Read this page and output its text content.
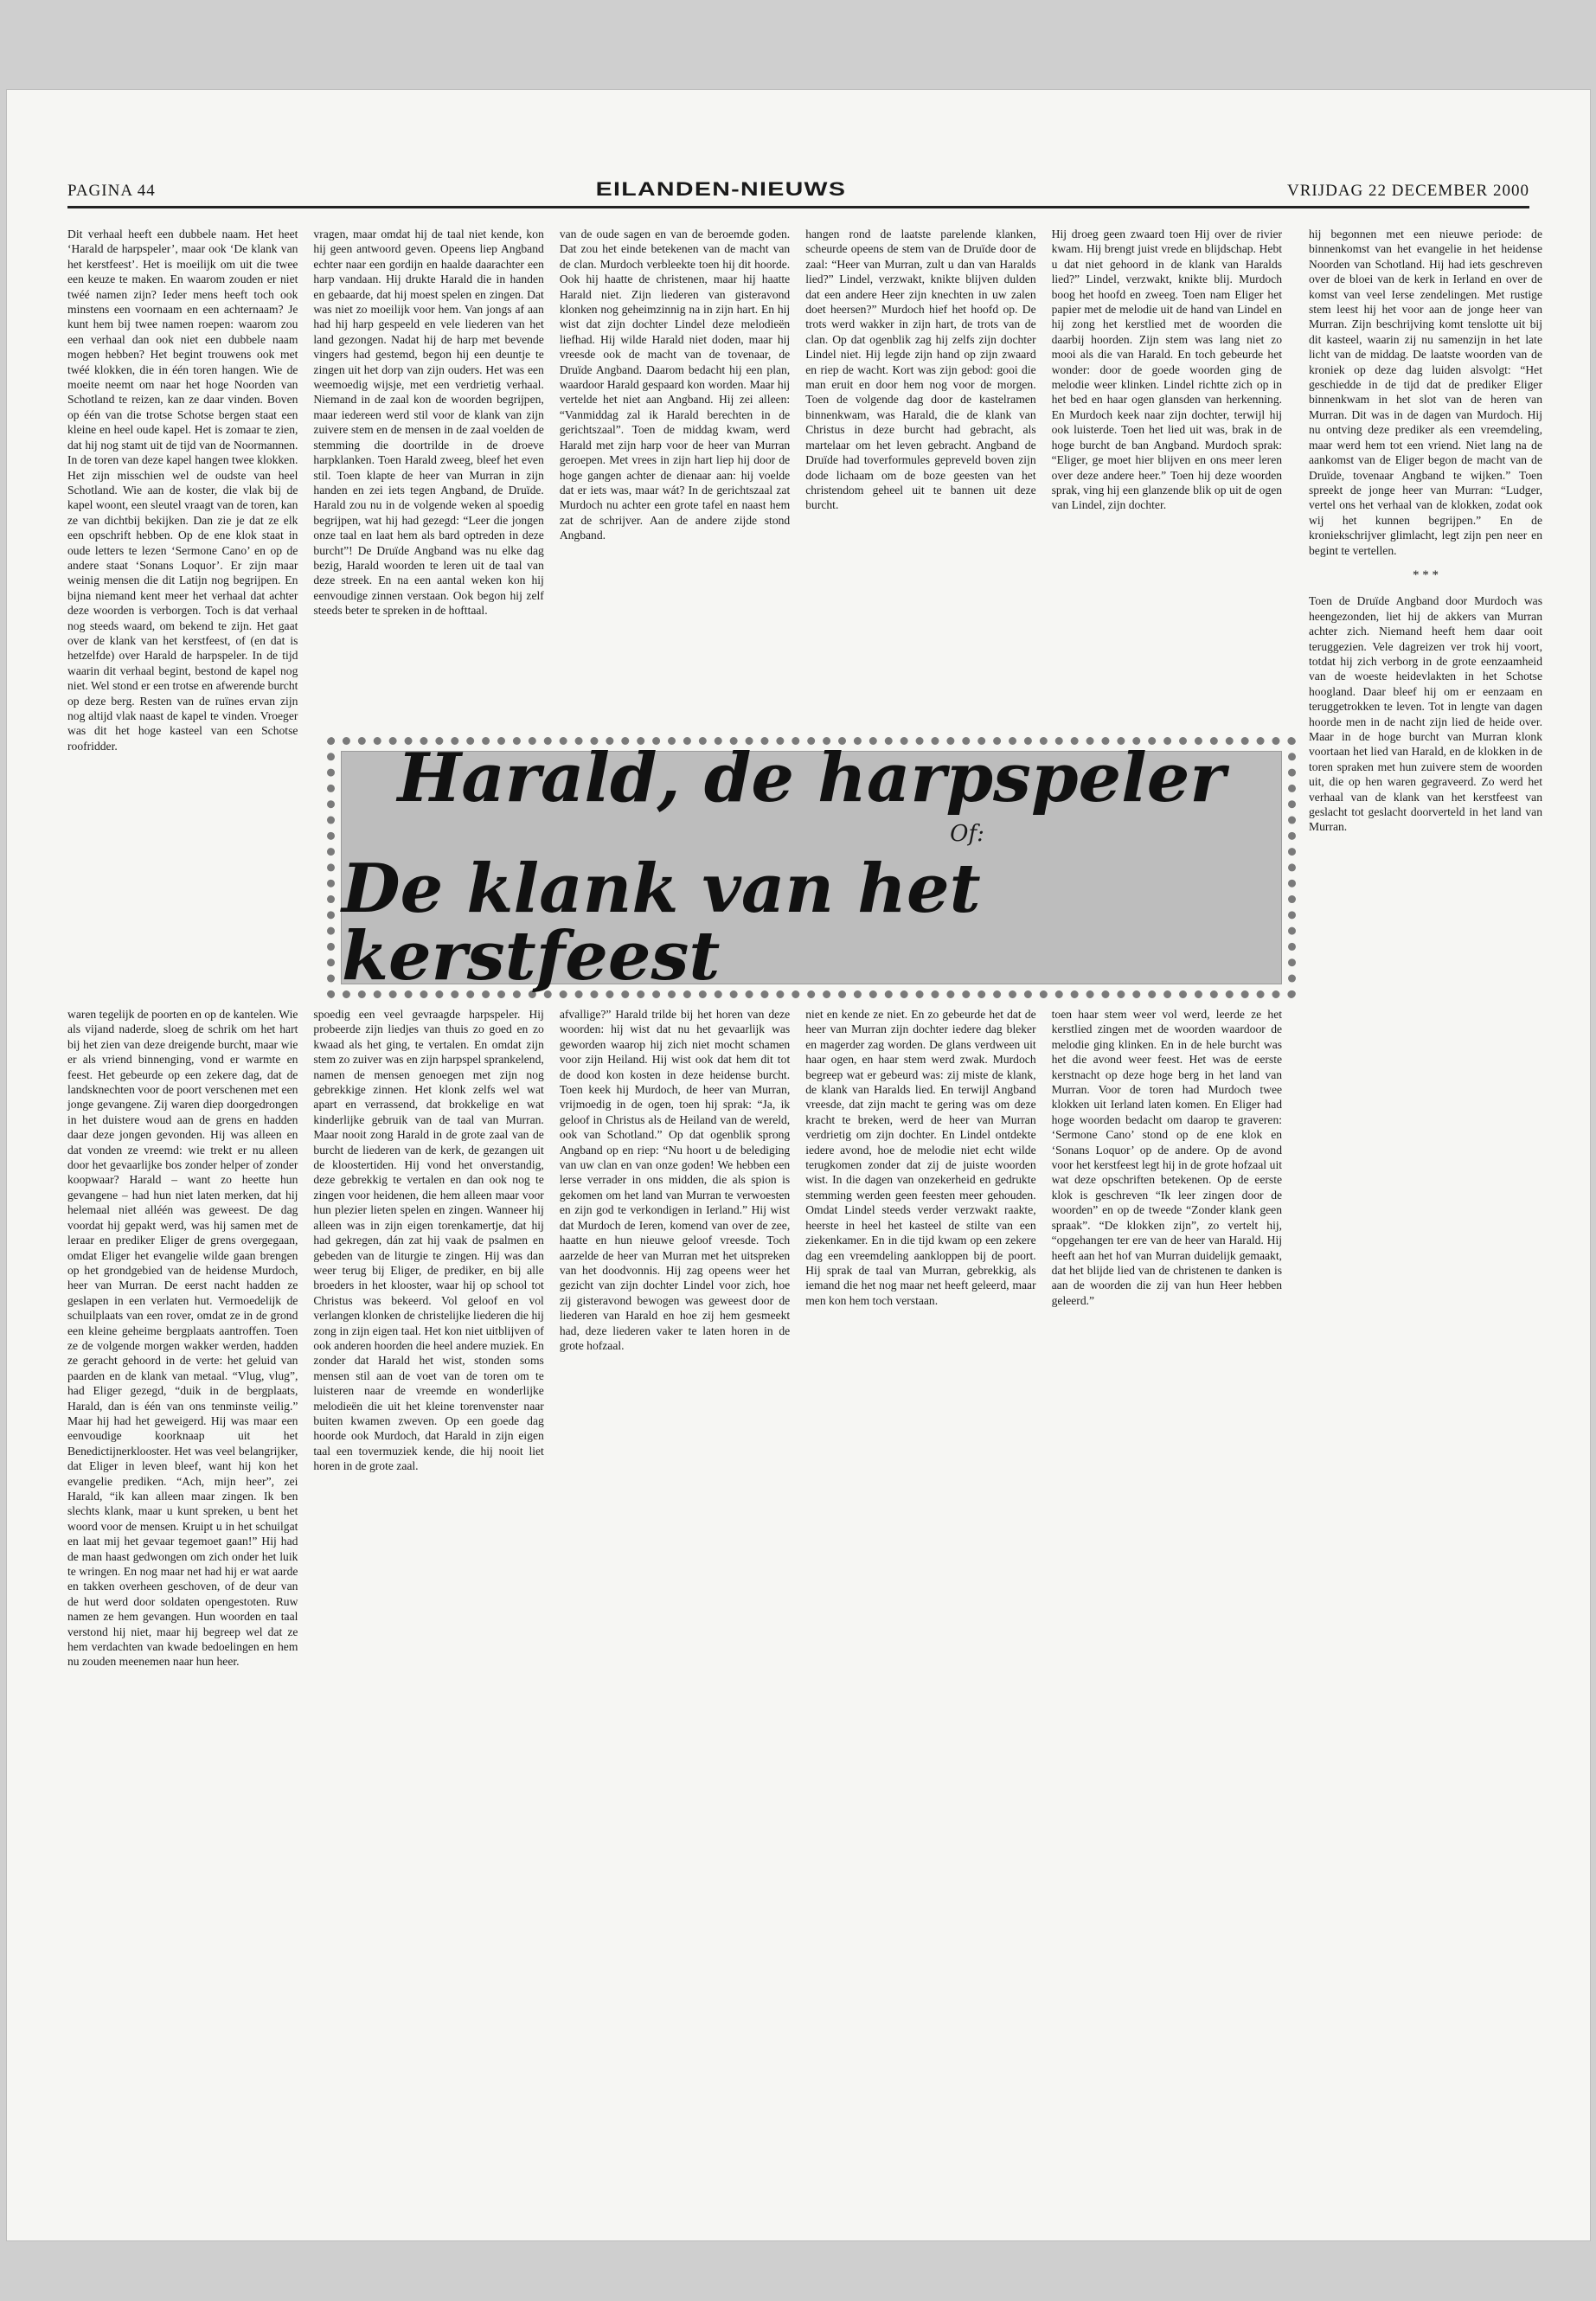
PAGINA 44	EILANDEN-NIEUWS	VRIJDAG 22 DECEMBER 2000

Dit verhaal heeft een dubbele naam. Het heet ‘Harald de harpspeler’, maar ook ‘De klank van het kerstfeest’. Het is moeilijk om uit die twee een keuze te maken. En waarom zouden er niet twéé namen zijn? Ieder mens heeft toch ook minstens een voornaam en een achternaam? Je kunt hem bij twee namen roepen: waarom zou een verhaal dan ook niet een dubbele naam mogen hebben? Het begint trouwens ook met twéé klokken, die in één toren hangen. Wie de moeite neemt om naar het hoge Noorden van Schotland te reizen, kan ze daar vinden. Boven op één van die trotse Schotse bergen staat een kleine en heel oude kapel. Het is zomaar te zien, dat hij nog stamt uit de tijd van de Noormannen. In de toren van deze kapel hangen twee klokken. Het zijn misschien wel de oudste van heel Schotland. Wie aan de koster, die vlak bij de kapel woont, een sleutel vraagt van de toren, kan ze van dichtbij bekijken. Dan zie je dat ze elk een opschrift hebben. Op de ene klok staat in oude letters te lezen ‘Sermone Cano’ en op de andere staat ‘Sonans Loquor’. Er zijn maar weinig mensen die dit Latijn nog begrijpen. En bijna niemand kent meer het verhaal dat achter deze woorden is verborgen. Toch is dat verhaal nog steeds waard, om bekend te zijn. Het gaat over de klank van het kerstfeest, of (en dat is hetzelfde) over Harald de harpspeler. In de tijd waarin dit verhaal begint, bestond de kapel nog niet. Wel stond er een trotse en afwerende burcht op deze berg. Resten van de ruïnes ervan zijn nog altijd vlak naast de kapel te vinden. Vroeger was dit het hoge kasteel van een Schotse roofridder.

vragen, maar omdat hij de taal niet kende, kon hij geen antwoord geven. Opeens liep Angband echter naar een gordijn en haalde daarachter een harp vandaan. Hij drukte Harald die in handen en gebaarde, dat hij moest spelen en zingen. Dat was niet zo moeilijk voor hem. Van jongs af aan had hij harp gespeeld en vele liederen van het land gezongen. Nadat hij de harp met bevende vingers had gestemd, begon hij een deuntje te zingen uit het dorp van zijn ouders. Het was een weemoedig wijsje, met een verdrietig verhaal. Niemand in de zaal kon de woorden begrijpen, maar iedereen werd stil voor de klank van zijn zuivere stem en de mensen in de zaal voelden de stemming die doortrilde in de droeve harpklanken. Toen Harald zweeg, bleef het even stil. Toen klapte de heer van Murran in zijn handen en zei iets tegen Angband, de Druïde. Harald zou nu in de volgende weken al spoedig begrijpen, wat hij had gezegd: “Leer die jongen onze taal en laat hem als bard optreden in deze burcht”! De Druïde Angband was nu elke dag bezig, Harald woorden te leren uit de taal van deze streek. En na een aantal weken kon hij eenvoudige zinnen verstaan. Ook begon hij zelf steeds beter te spreken in de hofttaal.

van de oude sagen en van de beroemde goden. Dat zou het einde betekenen van de macht van de clan. Murdoch verbleekte toen hij dit hoorde. Ook hij haatte de christenen, maar hij haatte Harald niet. Zijn liederen van gisteravond klonken nog geheimzinnig na in zijn hart. En hij wist dat zijn dochter Lindel deze melodieën liefhad. Hij wilde Harald niet doden, maar hij vreesde ook de macht van de tovenaar, de Druïde Angband. Daarom bedacht hij een plan, waardoor Harald gespaard kon worden. Maar hij vertelde het niet aan Angband. Hij zei alleen: “Vanmiddag zal ik Harald berechten in de gerichtszaal”. Toen de middag kwam, werd Harald met zijn harp voor de heer van Murran geroepen. Met vrees in zijn hart liep hij door de hoge gangen achter de dienaar aan: hij voelde dat er iets was, maar wát? In de gerichtszaal zat Murdoch nu achter een grote tafel en naast hem zat de schrijver. Aan de andere zijde stond Angband.

hangen rond de laatste parelende klanken, scheurde opeens de stem van de Druïde door de zaal: “Heer van Murran, zult u dan van Haralds lied?” Lindel, verzwakt, knikte blijven dulden dat een andere Heer zijn knechten in uw zalen doet heersen?” Murdoch hief het hoofd op. De trots werd wakker in zijn hart, de trots van de clan. Op dat ogenblik zag hij zelfs zijn dochter Lindel niet. Hij legde zijn hand op zijn zwaard en riep de wacht. Kort was zijn gebod: gooi die man eruit en door hem nog voor de morgen. Toen de volgende dag door de kastelramen binnenkwam, was Harald, die de klank van Christus in deze burcht had gebracht, als martelaar om het leven gebracht. Angband de Druïde had toverformules gepreveld boven zijn dode lichaam om de boze geesten van het christendom geheel uit te bannen uit deze burcht.

Hij droeg geen zwaard toen Hij over de rivier kwam. Hij brengt juist vrede en blijdschap. Hebt u dat niet gehoord in de klank van Haralds lied?” Lindel, verzwakt, knikte blij. Murdoch boog het hoofd en zweeg. Toen nam Eliger het papier met de melodie uit de hand van Lindel en hij zong het kerstlied met de woorden die daarbij hoorden. Zijn stem was lang niet zo mooi als die van Harald. En toch gebeurde het wonder: door de goede woorden ging de melodie weer klinken. Lindel richtte zich op in het bed en haar ogen glansden van herkenning. En Murdoch keek naar zijn dochter, terwijl hij ook luisterde. Toen het lied uit was, brak in de hoge burcht de ban Angband. Murdoch sprak: “Eliger, ge moet hier blijven en ons meer leren over deze andere heer.” Toen hij deze woorden sprak, ving hij een glanzende blik op uit de ogen van Lindel, zijn dochter.

Harald, de harpspeler
Of:
De klank van het kerstfeest

waren tegelijk de poorten en op de kantelen. Wie als vijand naderde, sloeg de schrik om het hart bij het zien van deze dreigende burcht, maar wie er als vriend binnenging, vond er warmte en feest. Het gebeurde op een zekere dag, dat de landsknechten voor de poort verschenen met een jonge gevangene. Zij waren diep doorgedrongen in het duistere woud aan de grens en hadden daar deze jongen gevonden. Hij was alleen en dat vonden ze vreemd: wie trekt er nu alleen door het gevaarlijke bos zonder helper of zonder koopwaar? Harald – want zo heette hun gevangene – had hun niet laten merken, dat hij helemaal niet alléén was geweest. De dag voordat hij gepakt werd, was hij samen met de leraar en prediker Eliger de grens overgegaan, omdat Eliger het evangelie wilde gaan brengen op het grondgebied van de heidense Murdoch, heer van Murran. De eerst nacht hadden ze geslapen in een verlaten hut. Vermoedelijk de schuilplaats van een rover, omdat ze in de grond een kleine geheime bergplaats aantroffen. Toen ze de volgende morgen wakker werden, hadden ze geracht gehoord in de verte: het geluid van paarden en de klank van metaal. “Vlug, vlug”, had Eliger gezegd, “duik in de bergplaats, Harald, dan is één van ons tenminste veilig.” Maar hij had het geweigerd. Hij was maar een eenvoudige koorknaap uit het Benedictijnerklooster. Het was veel belangrijker, dat Eliger in leven bleef, want hij kon het evangelie prediken. “Ach, mijn heer”, zei Harald, “ik kan alleen maar zingen. Ik ben slechts klank, maar u kunt spreken, u bent het woord voor de mensen. Kruipt u in het schuilgat en laat mij het gevaar tegemoet gaan!” Hij had de man haast gedwongen om zich onder het luik te wringen. En nog maar net had hij er wat aarde en takken overheen geschoven, of de deur van de hut werd door soldaten opengestoten. Ruw namen ze hem gevangen. Hun woorden en taal verstond hij niet, maar hij begreep wel dat ze hem verdachten van kwade bedoelingen en hem nu zouden meenemen naar hun heer.

spoedig een veel gevraagde harpspeler. Hij probeerde zijn liedjes van thuis zo goed en zo kwaad als het ging, te vertalen. En omdat zijn stem zo zuiver was en zijn harpspel sprankelend, namen de mensen genoegen met zijn nog gebrekkige zinnen. Het klonk zelfs wel wat apart en verrassend, dat brokkelige en wat kinderlijke gebruik van de taal van Murran. Maar nooit zong Harald in de grote zaal van de burcht de liederen van de kerk, de gezangen uit de kloostertiden. Hij vond het onverstandig, deze gebrekkig te vertalen en dan ook nog te zingen voor heidenen, die hem alleen maar voor hun plezier lieten spelen en zingen. Wanneer hij alleen was in zijn eigen torenkamertje, dat hij had gekregen, dán zat hij vaak de psalmen en gebeden van de liturgie te zingen. Hij was dan weer terug bij Eliger, de prediker, en bij alle broeders in het klooster, waar hij op school tot Christus was bekeerd. Vol geloof en vol verlangen klonken de christelijke liederen die hij zong in zijn eigen taal. Het kon niet uitblijven of ook anderen hoorden die heel andere muziek. En zonder dat Harald het wist, stonden soms mensen stil aan de voet van de toren om te luisteren naar de vreemde en wonderlijke melodieën die uit het kleine torenvenster naar buiten kwamen zweven. Op een goede dag hoorde ook Murdoch, dat Harald in zijn eigen taal een tovermuziek kende, die hij nooit liet horen in de grote zaal.

afvallige?” Harald trilde bij het horen van deze woorden: hij wist dat nu het gevaarlijk was geworden waarop hij zich niet mocht schamen voor zijn Heiland. Hij wist ook dat hem dit tot de dood kon kosten in deze heidense burcht. Toen keek hij Murdoch, de heer van Murran, vrijmoedig in de ogen, toen hij sprak: “Ja, ik geloof in Christus als de Heiland van de wereld, ook van Schotland.” Op dat ogenblik sprong Angband op en riep: “Nu hoort u de belediging van uw clan en van onze goden! We hebben een lerse verrader in ons midden, die als spion is gekomen om het land van Murran te verwoesten en zijn god te verkondigen in Ierland.” Hij wist dat Murdoch de Ieren, komend van over de zee, haatte en hun nieuwe geloof vreesde. Toch aarzelde de heer van Murran met het uitspreken van het doodvonnis. Hij zag opeens weer het gezicht van zijn dochter Lindel voor zich, hoe zij gisteravond bewogen was geweest door de liederen van Harald en hoe zij hem gesmeekt had, deze liederen vaker te laten horen in de grote hofzaal.

niet en kende ze niet. En zo gebeurde het dat de heer van Murran zijn dochter iedere dag bleker en magerder zag worden. De glans verdween uit haar ogen, en haar stem werd zwak. Murdoch begreep wat er gebeurd was: zij miste de klank, de klank van Haralds lied. En terwijl Angband vreesde, dat zijn macht te gering was om deze kracht te breken, werd de heer van Murran verdrietig om zijn dochter. En Lindel ontdekte iedere avond, hoe de melodie niet echt wilde terugkomen zonder dat zij de juiste woorden wist. In die dagen van onzekerheid en gedrukte stemming werden geen feesten meer gehouden. Omdat Lindel steeds verder verzwakt raakte, heerste in heel het kasteel de stilte van een ziekenkamer. En in die tijd kwam op een zekere dag een vreemdeling aankloppen bij de poort. Hij sprak de taal van Murran, gebrekkig, als iemand die het nog maar net heeft geleerd, maar men kon hem toch verstaan.

toen haar stem weer vol werd, leerde ze het kerstlied zingen met de woorden waardoor de melodie ging klinken. En in de hele burcht was het die avond weer feest. Het was de eerste kerstnacht op deze hoge berg in het land van Murran. Voor de toren had Murdoch twee klokken uit Ierland laten komen. En Eliger had hoge woorden bedacht om daarop te graveren: ‘Sermone Cano’ stond op de ene klok en ‘Sonans Loquor’ op de andere. Op de avond voor het kerstfeest legt hij in de grote hofzaal uit wat deze opschriften betekenen. Op de eerste klok is geschreven “Ik leer zingen door de woorden” en op de tweede “Zonder klank geen spraak”. “De klokken zijn”, zo vertelt hij, “opgehangen ter ere van de heer van Harald. Hij heeft aan het hof van Murran duidelijk gemaakt, dat het blijde lied van de christenen te danken is aan de woorden die zij van hun Heer hebben geleerd.”

hij begonnen met een nieuwe periode: de binnenkomst van het evangelie in het heidense Noorden van Schotland. Hij had iets geschreven over de bloei van de kerk in Ierland en over de komst van veel Ierse zendelingen. Met rustige stem leest hij het voor aan de jonge heer van Murran. Zijn beschrijving komt tenslotte uit bij dit kasteel, waarin zij nu samenzijn in het late licht van de middag. De laatste woorden van de kroniek op deze dag luiden alsvolgt: “Het geschiedde in de tijd dat de prediker Eliger binnenkwam in het slot van de heren van Murran. Dit was in de dagen van Murdoch. Hij nu ontving deze prediker als een vreemdeling, maar werd hem tot een vriend. Niet lang na de aankomst van de Eliger begon de macht van de Druïde, tovenaar Angband te wijken.” Toen spreekt de jonge heer van Murran: “Ludger, vertel ons het verhaal van de klokken, zodat ook wij het kunnen begrijpen.” En de kroniekschrijver glimlacht, legt zijn pen neer en begint te vertellen.

* * *

Toen de Druïde Angband door Murdoch was heengezonden, liet hij de akkers van Murran achter zich. Niemand heeft hem daar ooit teruggezien. Vele dagreizen ver trok hij voort, totdat hij zich verborg in de grote eenzaamheid van de woeste heidevlakten in het Schotse hoogland. Daar bleef hij om er eenzaam en teruggetrokken te leven. Tot in lengte van dagen hoorde men in de nacht zijn lied de heide over. Maar in de hoge burcht van Murran klonk voortaan het lied van Harald, en de klokken in de toren spraken met hun zuivere stem de woorden uit, die op hen waren gegraveerd. Zo werd het verhaal van de klank van het kerstfeest van geslacht tot geslacht doorverteld in het land van Murran.
